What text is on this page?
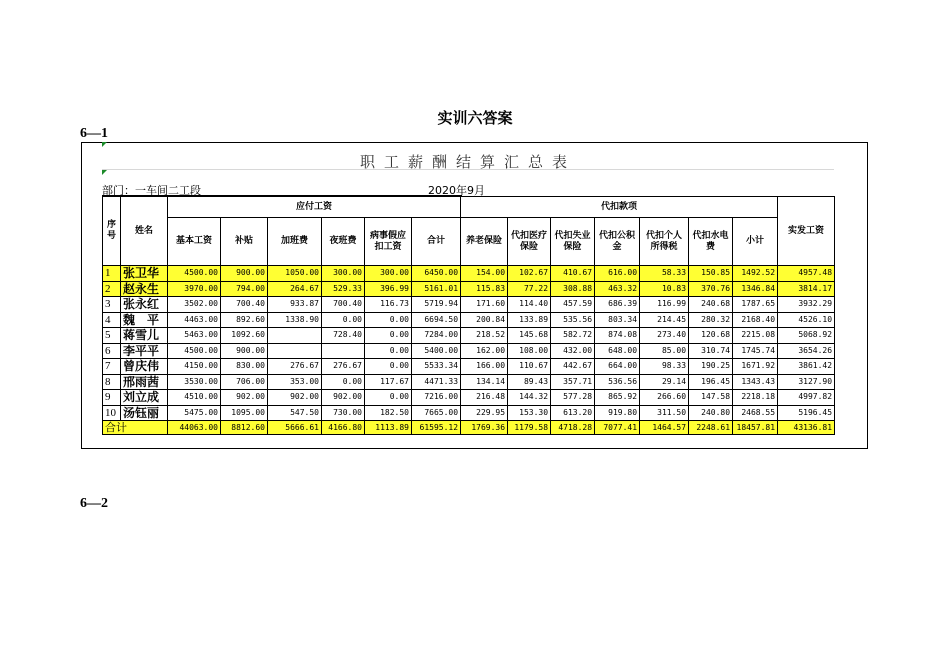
实训六答案
6—1
6—2
职工薪酬结算汇总表
部门：一车间二工段	2020年9月
序号	姓名	应付工资						代扣款项							实发工资
		基本工资	补贴	加班费	夜班费	病事假应扣工资	合计	养老保险	代扣医疗保险	代扣失业保险	代扣公积金	代扣个人所得税	代扣水电费	小计	
1	张卫华	4500.00	900.00	1050.00	300.00	300.00	6450.00	154.00	102.67	410.67	616.00	58.33	150.85	1492.52	4957.48
2	赵永生	3970.00	794.00	264.67	529.33	396.99	5161.01	115.83	77.22	308.88	463.32	10.83	370.76	1346.84	3814.17
3	张永红	3502.00	700.40	933.87	700.40	116.73	5719.94	171.60	114.40	457.59	686.39	116.99	240.68	1787.65	3932.29
4	魏　平	4463.00	892.60	1338.90	0.00	0.00	6694.50	200.84	133.89	535.56	803.34	214.45	280.32	2168.40	4526.10
5	蒋雪儿	5463.00	1092.60		728.40	0.00	7284.00	218.52	145.68	582.72	874.08	273.40	120.68	2215.08	5068.92
6	李平平	4500.00	900.00			0.00	5400.00	162.00	108.00	432.00	648.00	85.00	310.74	1745.74	3654.26
7	曾庆伟	4150.00	830.00	276.67	276.67	0.00	5533.34	166.00	110.67	442.67	664.00	98.33	190.25	1671.92	3861.42
8	邢雨茜	3530.00	706.00	353.00	0.00	117.67	4471.33	134.14	89.43	357.71	536.56	29.14	196.45	1343.43	3127.90
9	刘立成	4510.00	902.00	902.00	902.00	0.00	7216.00	216.48	144.32	577.28	865.92	266.60	147.58	2218.18	4997.82
10	汤钰丽	5475.00	1095.00	547.50	730.00	182.50	7665.00	229.95	153.30	613.20	919.80	311.50	240.80	2468.55	5196.45
合计		44063.00	8812.60	5666.61	4166.80	1113.89	61595.12	1769.36	1179.58	4718.28	7077.41	1464.57	2248.61	18457.81	43136.81
